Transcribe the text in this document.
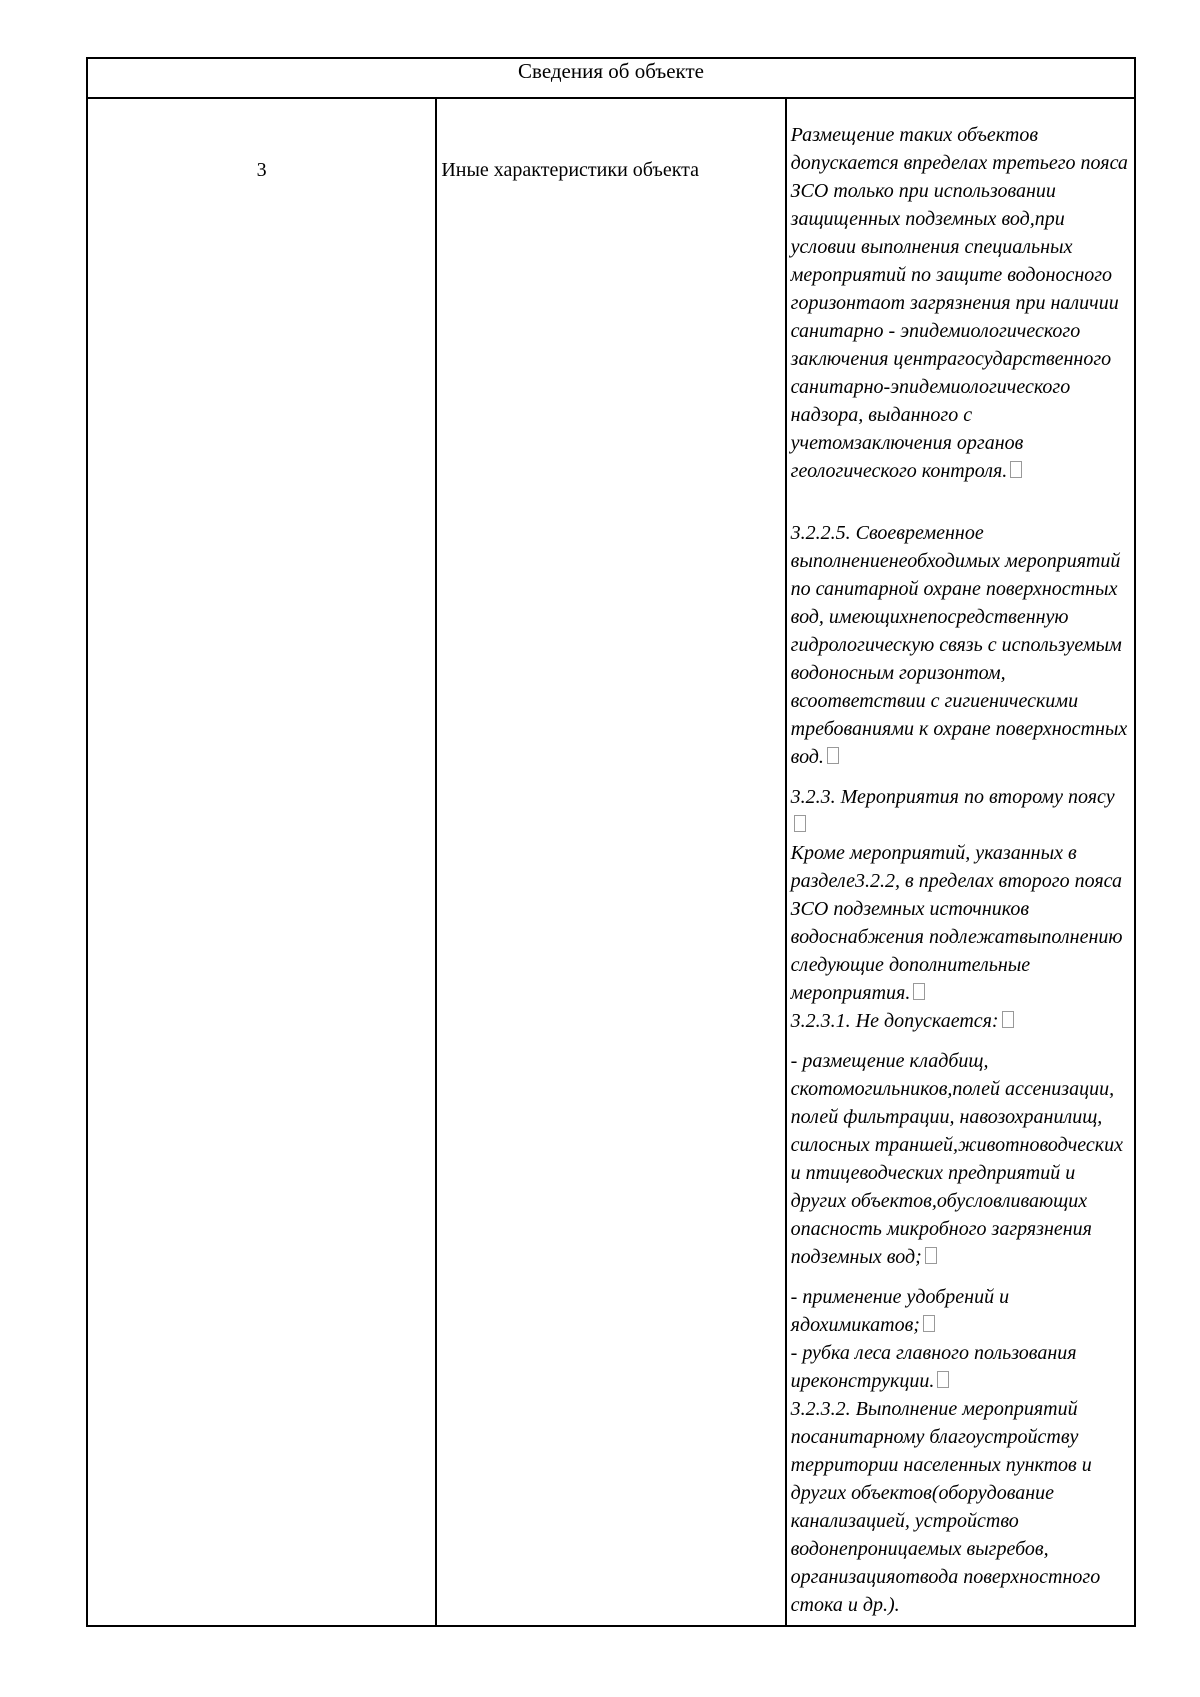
Сведения об объекте
3	Иные характеристики объекта	

Размещение таких объектов допускается впределах третьего пояса ЗСО только при использовании защищенных подземных вод,при условии выполнения специальных мероприятий по защите водоносного горизонтаот загрязнения при наличии санитарно - эпидемиологического заключения центрагосударственного санитарно-эпидемиологического надзора, выданного с учетомзаключения органов геологического контроля.

3.2.2.5. Своевременное выполнениенеобходимых мероприятий по санитарной охране поверхностных вод, имеющихнепосредственную гидрологическую связь с используемым водоносным горизонтом, всоответствии с гигиеническими требованиями к охране поверхностных вод.

3.2.3. Мероприятия по второму поясу

Кроме мероприятий, указанных в разделе3.2.2, в пределах второго пояса ЗСО подземных источников водоснабжения подлежатвыполнению следующие дополнительные мероприятия.

3.2.3.1. Не допускается:

- размещение кладбищ, скотомогильников,полей ассенизации, полей фильтрации, навозохранилищ, силосных траншей,животноводческих и птицеводческих предприятий и других объектов,обусловливающих опасность микробного загрязнения подземных вод;

- применение удобрений и ядохимикатов;

- рубка леса главного пользования иреконструкции.

3.2.3.2. Выполнение мероприятий посанитарному благоустройству территории населенных пунктов и других объектов(оборудование канализацией, устройство водонепроницаемых выгребов, организацияотвода поверхностного стока и др.).
